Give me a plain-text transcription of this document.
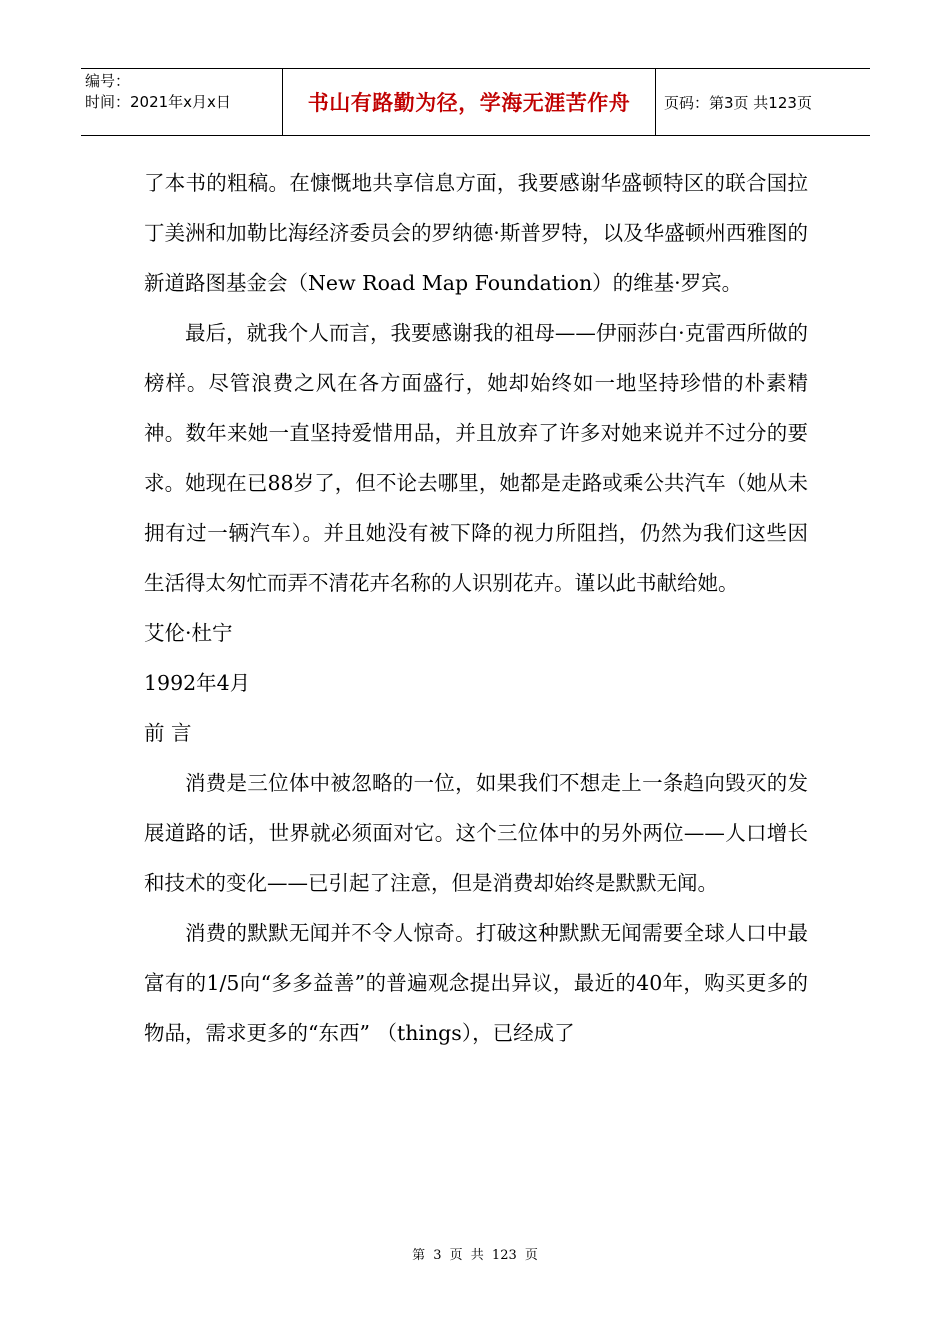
编号：
时间：2021年x月x日	书山有路勤为径，学海无涯苦作舟 页码：第3页 共123页

了本书的粗稿。在慷慨地共享信息方面，我要感谢华盛顿特区的联合国拉丁美洲和加勒比海经济委员会的罗纳德·斯普罗特，以及华盛顿州西雅图的新道路图基金会（New Road Map Foundation）的维基·罗宾。

最后，就我个人而言，我要感谢我的祖母——伊丽莎白·克雷西所做的榜样。尽管浪费之风在各方面盛行，她却始终如一地坚持珍惜的朴素精神。数年来她一直坚持爱惜用品，并且放弃了许多对她来说并不过分的要求。她现在已88岁了，但不论去哪里，她都是走路或乘公共汽车（她从未拥有过一辆汽车）。并且她没有被下降的视力所阻挡，仍然为我们这些因生活得太匆忙而弄不清花卉名称的人识别花卉。谨以此书献给她。

艾伦·杜宁

1992年4月

前 言

消费是三位体中被忽略的一位，如果我们不想走上一条趋向毁灭的发展道路的话，世界就必须面对它。这个三位体中的另外两位——人口增长和技术的变化——已引起了注意，但是消费却始终是默默无闻。

消费的默默无闻并不令人惊奇。打破这种默默无闻需要全球人口中最富有的1/5向“多多益善”的普遍观念提出异议，最近的40年，购买更多的物品，需求更多的“东西” （things），已经成了

第 3 页 共 123 页
